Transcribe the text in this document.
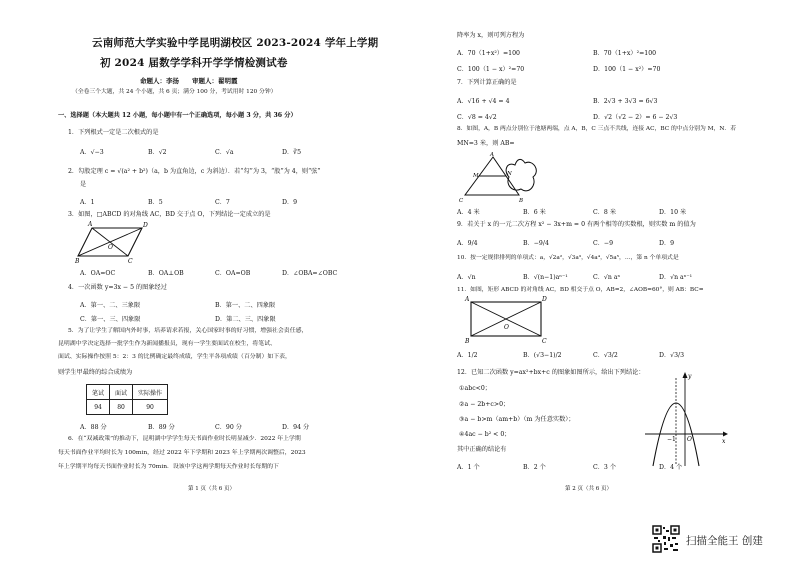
云南师范大学实验中学昆明湖校区 2023-2024 学年上学期
初 2024 届数学学科开学学情检测试卷
命题人：李扬　　审题人：翟明霞
（全卷三个大题，共 24 个小题，共 6 页；满分 100 分，考试用时 120 分钟）
一、选择题（本大题共 12 小题，每小题中有一个正确选项，每小题 3 分，共 36 分）
1．下列根式一定是二次根式的是
A．√−3	B．√2	C．√a	D．∛5
2．勾股定理 c = √(a² + b²)（a，b 为直角边，c 为斜边）．若“勾”为 3，“股”为 4，则“弦”
是
A．1	B．5	C．7	D．9
3．如图，□ABCD 的对角线 AC，BD 交于点 O，下列结论一定成立的是
A	D
B	C
O
A．OA=OC	B．OA⊥OB	C．OA=OB	D．∠OBA=∠OBC
4．一次函数 y=3x − 5 的图象经过
A．第一、二、三象限	B．第一、二、四象限
C．第一、三、四象限	D．第二、三、四象限
5．为了让学生了解国内外时事，培养请求若报，关心国家时事的好习惯，增强社会责任感，
昆明湖中学决定选择一批学生作为新闻播报员，现有一学生要面试在校生，将笔试、
面试、实际操作按照 5：2：3 的比例确定最终成绩，学生平各项成绩（百分制）如下表，
则学生甲最终的综合成绩为
笔试	面试	实际操作
94	80	90
A．88 分	B．89 分	C．90 分	D．94 分
6．在“双减政策”的推动下，昆明湖中学学生每天书面作业时长明显减少．2022 年上学期
每天书面作业平均时长为 100min，经过 2022 年下学期和 2023 年上学期两次调整后，2023
年上学期平均每天书面作业时长为 70min．设该中学这两学期每天作业时长每期的下
第 1 页（共 6 页）
降率为 x，则可列方程为
A．70（1+x²）=100	B．70（1+x）²=100
C．100（1 − x）²=70	D．100（1 − x²）=70
7．下列计算正确的是
A．√16 + √4 = 4	B．2√3 + 3√3 = 6√3
C．√8 = 4√2	D．√2（√2 − 2）= 6 − 2√3
8．如图，A，B 两点分别位于池塘两端，点 A，B，C 三点不共线，连接 AC，BC 的中点分别为 M，N．若
MN=3 米，则 AB=
A
C	B
M	N
A．4 米	B．6 米	C．8 米	D．10 米
9．若关于 x 的一元二次方程 x² − 3x+m = 0 有两个相等的实数根，则实数 m 的值为
A．9/4	B．−9/4	C．−9	D．9
10．按一定规律排列的单项式：a，√2a²，√3a³，√4a⁴，√5a⁵，…，第 n 个单项式是
A．√n	B．√(n−1)aⁿ⁻¹	C．√n aⁿ	D．√n aⁿ⁻¹
11．如图，矩形 ABCD 的对角线 AC，BD 相交于点 O，AB=2，∠AOB=60°，则 AB：BC=
A	D
B	C
O
A．1/2	B．(√3−1)/2	C．√3/2	D．√3/3
12．已知二次函数 y=ax²+bx+c 的图象如图所示，给出下列结论：
①abc<0；
②a − 2b+c>0；
③a − b>m（am+b）（m 为任意实数）；
④4ac − b² < 0；
其中正确的结论有
y
x
−1 O
A．1 个	B．2 个	C．3 个	D．4 个
第 2 页（共 6 页）
扫描全能王 创建
